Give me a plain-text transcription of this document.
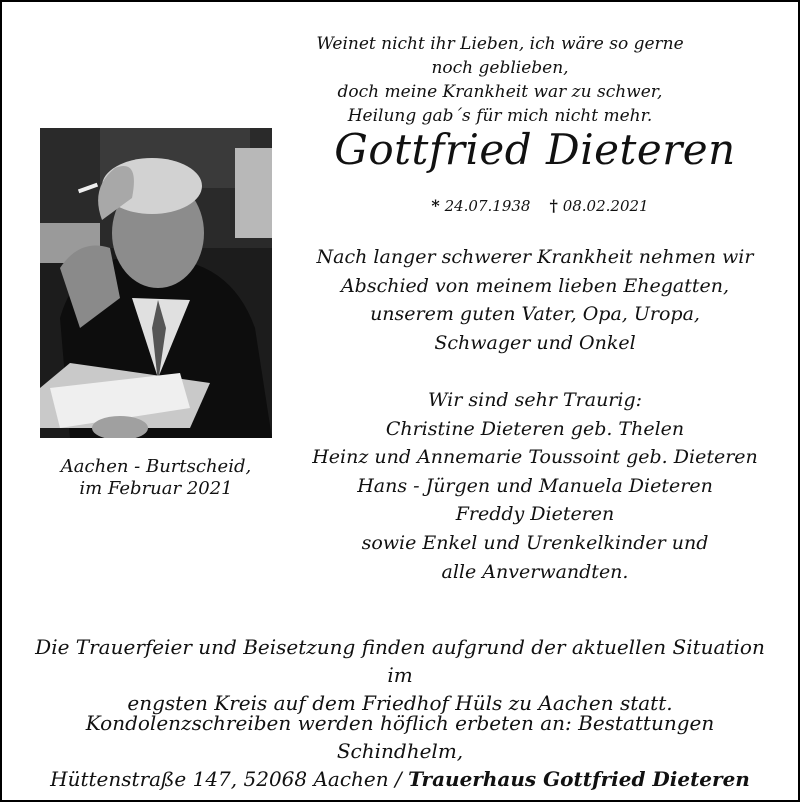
Weinet nicht ihr Lieben, ich wäre so gerne noch geblieben,
doch meine Krankheit war zu schwer,
Heilung gab´s für mich nicht mehr.
Gottfried Dieteren
* 24.07.1938 † 08.02.2021
Nach langer schwerer Krankheit nehmen wir
Abschied von meinem lieben Ehegatten,
unserem guten Vater, Opa, Uropa,
Schwager und Onkel

Wir sind sehr Traurig:
Christine Dieteren geb. Thelen
Heinz und Annemarie Toussoint geb. Dieteren
Hans - Jürgen und Manuela Dieteren
Freddy Dieteren
sowie Enkel und Urenkelkinder und
alle Anverwandten.
Aachen - Burtscheid,
im Februar 2021
Die Trauerfeier und Beisetzung finden aufgrund der aktuellen Situation im
engsten Kreis auf dem Friedhof Hüls zu Aachen statt.
Kondolenzschreiben werden höflich erbeten an: Bestattungen Schindhelm,
Hüttenstraße 147, 52068 Aachen / Trauerhaus Gottfried Dieteren
